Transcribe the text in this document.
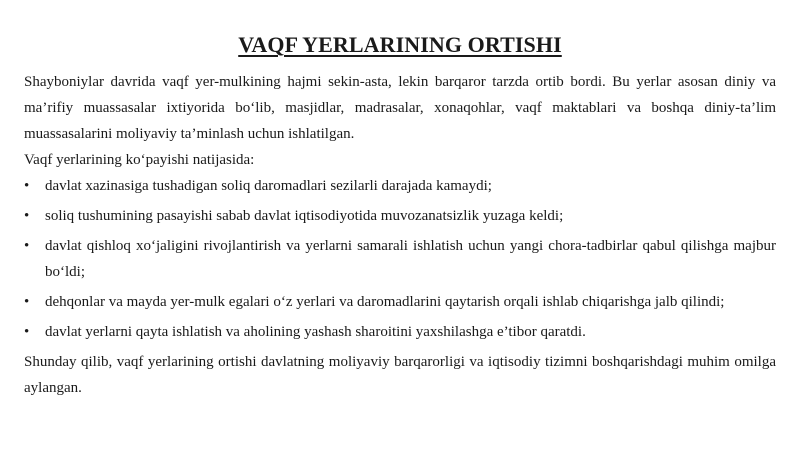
VAQF YERLARINING ORTISHI

Shayboniylar davrida vaqf yer-mulkining hajmi sekin-asta, lekin barqaror tarzda ortib bordi. Bu yerlar asosan diniy va ma’rifiy muassasalar ixtiyorida bo‘lib, masjidlar, madrasalar, xonaqohlar, vaqf maktablari va boshqa diniy-ta’lim muassasalarini moliyaviy ta’minlash uchun ishlatilgan.

Vaqf yerlarining ko‘payishi natijasida:

• davlat xazinasiga tushadigan soliq daromadlari sezilarli darajada kamaydi;
• soliq tushumining pasayishi sabab davlat iqtisodiyotida muvozanatsizlik yuzaga keldi;
• davlat qishloq xo‘jaligini rivojlantirish va yerlarni samarali ishlatish uchun yangi chora-tadbirlar qabul qilishga majbur bo‘ldi;
• dehqonlar va mayda yer-mulk egalari o‘z yerlari va daromadlarini qaytarish orqali ishlab chiqarishga jalb qilindi;
• davlat yerlarni qayta ishlatish va aholining yashash sharoitini yaxshilashga e’tibor qaratdi.

Shunday qilib, vaqf yerlarining ortishi davlatning moliyaviy barqarorligi va iqtisodiy tizimni boshqarishdagi muhim omilga aylangan.
